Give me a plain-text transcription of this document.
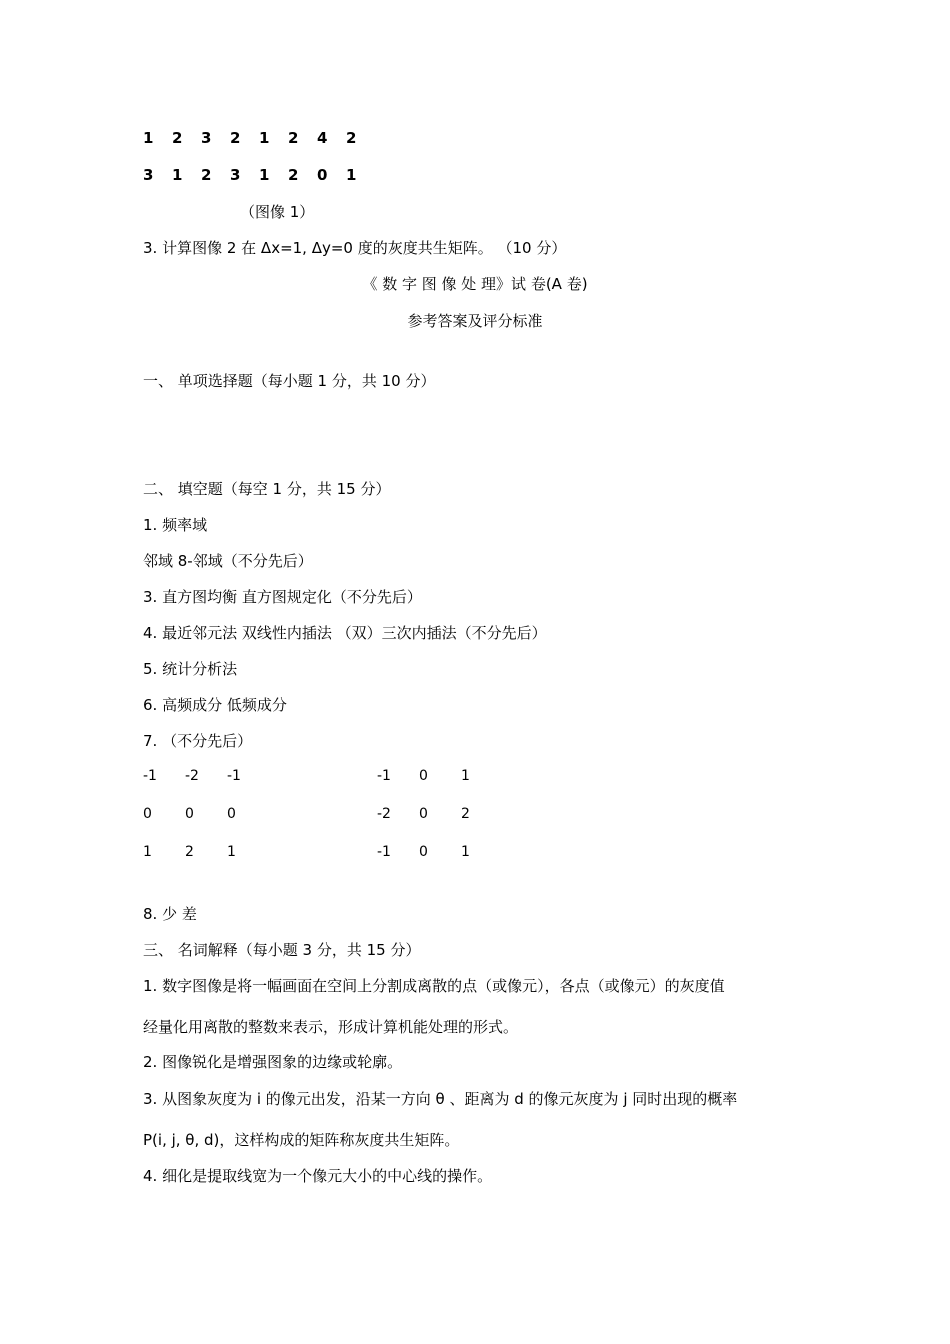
1 2 3 2 1 2 4 2
3 1 2 3 1 2 0 1
（图像 1）
3. 计算图像 2 在 Δx=1, Δy=0 度的灰度共生矩阵。 （10 分）
《 数 字 图 像 处 理》试 卷(A 卷)
参考答案及评分标准
一、 单项选择题（每小题 1 分，共 10 分）
二、 填空题（每空 1 分，共 15 分）
1. 频率域
邻域 8-邻域（不分先后）
3. 直方图均衡 直方图规定化（不分先后）
4. 最近邻元法 双线性内插法 （双）三次内插法（不分先后）
5. 统计分析法
6. 高频成分 低频成分
7. （不分先后）
-1 -2 -1
0 0 0
1 2 1
-1 0 1
-2 0 2
-1 0 1
8. 少 差
三、 名词解释（每小题 3 分，共 15 分）
1. 数字图像是将一幅画面在空间上分割成离散的点（或像元），各点（或像元）的灰度值
经量化用离散的整数来表示，形成计算机能处理的形式。
2. 图像锐化是增强图象的边缘或轮廓。
3. 从图象灰度为 i 的像元出发，沿某一方向 θ 、距离为 d 的像元灰度为 j 同时出现的概率
P(i, j, θ, d)，这样构成的矩阵称灰度共生矩阵。
4. 细化是提取线宽为一个像元大小的中心线的操作。
